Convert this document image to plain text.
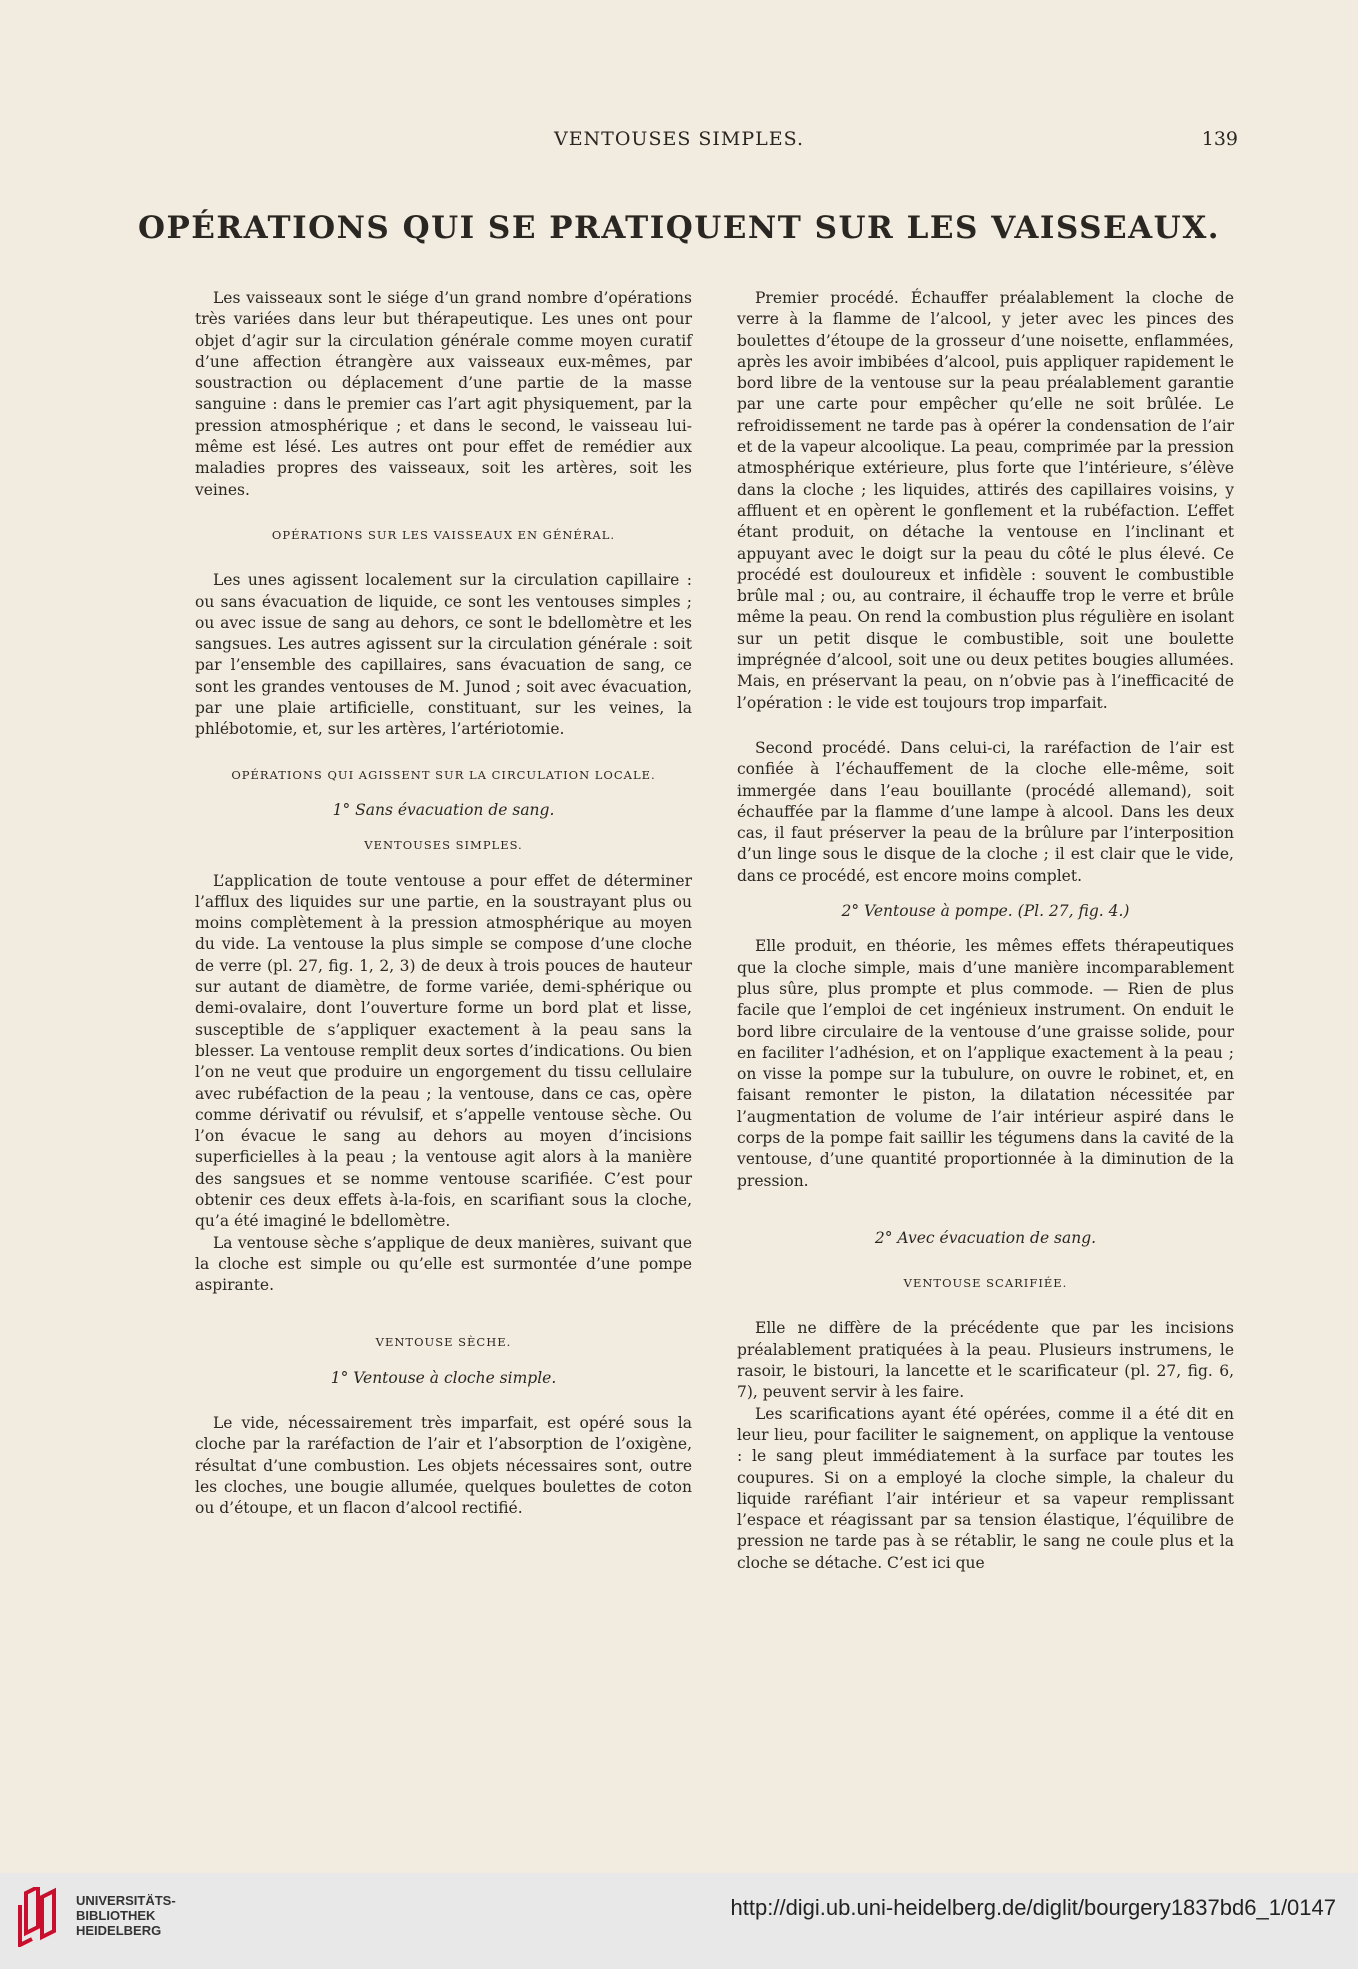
VENTOUSES SIMPLES.	139
OPÉRATIONS QUI SE PRATIQUENT SUR LES VAISSEAUX.

Les vaisseaux sont le siége d’un grand nombre d’opérations très variées dans leur but thérapeutique. Les unes ont pour objet d’agir sur la circulation générale comme moyen curatif d’une affection étrangère aux vaisseaux eux-mêmes, par soustraction ou déplacement d’une partie de la masse sanguine : dans le premier cas l’art agit physiquement, par la pression atmosphérique ; et dans le second, le vaisseau lui-même est lésé. Les autres ont pour effet de remédier aux maladies propres des vaisseaux, soit les artères, soit les veines.

OPÉRATIONS SUR LES VAISSEAUX EN GÉNÉRAL.

Les unes agissent localement sur la circulation capillaire : ou sans évacuation de liquide, ce sont les ventouses simples ; ou avec issue de sang au dehors, ce sont le bdellomètre et les sangsues. Les autres agissent sur la circulation générale : soit par l’ensemble des capillaires, sans évacuation de sang, ce sont les grandes ventouses de M. Junod ; soit avec évacuation, par une plaie artificielle, constituant, sur les veines, la phlébotomie, et, sur les artères, l’artériotomie.

OPÉRATIONS QUI AGISSENT SUR LA CIRCULATION LOCALE.

1° Sans évacuation de sang.

VENTOUSES SIMPLES.

L’application de toute ventouse a pour effet de déterminer l’afflux des liquides sur une partie, en la soustrayant plus ou moins complètement à la pression atmosphérique au moyen du vide. La ventouse la plus simple se compose d’une cloche de verre (pl. 27, fig. 1, 2, 3) de deux à trois pouces de hauteur sur autant de diamètre, de forme variée, demi-sphérique ou demi-ovalaire, dont l’ouverture forme un bord plat et lisse, susceptible de s’appliquer exactement à la peau sans la blesser. La ventouse remplit deux sortes d’indications. Ou bien l’on ne veut que produire un engorgement du tissu cellulaire avec rubéfaction de la peau ; la ventouse, dans ce cas, opère comme dérivatif ou révulsif, et s’appelle ventouse sèche. Ou l’on évacue le sang au dehors au moyen d’incisions superficielles à la peau ; la ventouse agit alors à la manière des sangsues et se nomme ventouse scarifiée. C’est pour obtenir ces deux effets à-la-fois, en scarifiant sous la cloche, qu’a été imaginé le bdellomètre.

La ventouse sèche s’applique de deux manières, suivant que la cloche est simple ou qu’elle est surmontée d’une pompe aspirante.

VENTOUSE SÈCHE.

1° Ventouse à cloche simple.

Le vide, nécessairement très imparfait, est opéré sous la cloche par la raréfaction de l’air et l’absorption de l’oxigène, résultat d’une combustion. Les objets nécessaires sont, outre les cloches, une bougie allumée, quelques boulettes de coton ou d’étoupe, et un flacon d’alcool rectifié.

Premier procédé. Échauffer préalablement la cloche de verre à la flamme de l’alcool, y jeter avec les pinces des boulettes d’étoupe de la grosseur d’une noisette, enflammées, après les avoir imbibées d’alcool, puis appliquer rapidement le bord libre de la ventouse sur la peau préalablement garantie par une carte pour empêcher qu’elle ne soit brûlée. Le refroidissement ne tarde pas à opérer la condensation de l’air et de la vapeur alcoolique. La peau, comprimée par la pression atmosphérique extérieure, plus forte que l’intérieure, s’élève dans la cloche ; les liquides, attirés des capillaires voisins, y affluent et en opèrent le gonflement et la rubéfaction. L’effet étant produit, on détache la ventouse en l’inclinant et appuyant avec le doigt sur la peau du côté le plus élevé. Ce procédé est douloureux et infidèle : souvent le combustible brûle mal ; ou, au contraire, il échauffe trop le verre et brûle même la peau. On rend la combustion plus régulière en isolant sur un petit disque le combustible, soit une boulette imprégnée d’alcool, soit une ou deux petites bougies allumées. Mais, en préservant la peau, on n’obvie pas à l’inefficacité de l’opération : le vide est toujours trop imparfait.

Second procédé. Dans celui-ci, la raréfaction de l’air est confiée à l’échauffement de la cloche elle-même, soit immergée dans l’eau bouillante (procédé allemand), soit échauffée par la flamme d’une lampe à alcool. Dans les deux cas, il faut préserver la peau de la brûlure par l’interposition d’un linge sous le disque de la cloche ; il est clair que le vide, dans ce procédé, est encore moins complet.

2° Ventouse à pompe. (Pl. 27, fig. 4.)

Elle produit, en théorie, les mêmes effets thérapeutiques que la cloche simple, mais d’une manière incomparablement plus sûre, plus prompte et plus commode. — Rien de plus facile que l’emploi de cet ingénieux instrument. On enduit le bord libre circulaire de la ventouse d’une graisse solide, pour en faciliter l’adhésion, et on l’applique exactement à la peau ; on visse la pompe sur la tubulure, on ouvre le robinet, et, en faisant remonter le piston, la dilatation nécessitée par l’augmentation de volume de l’air intérieur aspiré dans le corps de la pompe fait saillir les tégumens dans la cavité de la ventouse, d’une quantité proportionnée à la diminution de la pression.

2° Avec évacuation de sang.

VENTOUSE SCARIFIÉE.

Elle ne diffère de la précédente que par les incisions préalablement pratiquées à la peau. Plusieurs instrumens, le rasoir, le bistouri, la lancette et le scarificateur (pl. 27, fig. 6, 7), peuvent servir à les faire.

Les scarifications ayant été opérées, comme il a été dit en leur lieu, pour faciliter le saignement, on applique la ventouse : le sang pleut immédiatement à la surface par toutes les coupures. Si on a employé la cloche simple, la chaleur du liquide raréfiant l’air intérieur et sa vapeur remplissant l’espace et réagissant par sa tension élastique, l’équilibre de pression ne tarde pas à se rétablir, le sang ne coule plus et la cloche se détache. C’est ici que

UNIVERSITÄTS-
BIBLIOTHEK
HEIDELBERG
http://digi.ub.uni-heidelberg.de/diglit/bourgery1837bd6_1/0147
